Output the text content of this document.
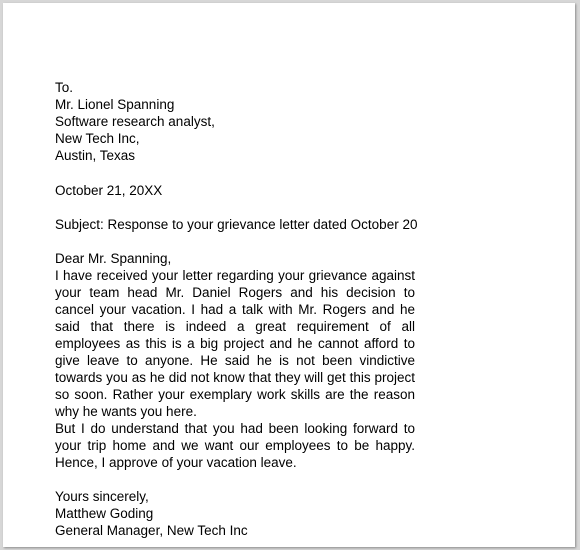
To.
Mr. Lionel Spanning
Software research analyst,
New Tech Inc,
Austin, Texas
October 21, 20XX
Subject: Response to your grievance letter dated October 20
Dear Mr. Spanning,

I have received your letter regarding your grievance against your team head Mr. Daniel Rogers and his decision to cancel your vacation. I had a talk with Mr. Rogers and he said that there is indeed a great requirement of all employees as this is a big project and he cannot afford to give leave to anyone. He said he is not been vindictive towards you as he did not know that they will get this project so soon. Rather your exemplary work skills are the reason why he wants you here.

But I do understand that you had been looking forward to your trip home and we want our employees to be happy. Hence, I approve of your vacation leave.

Yours sincerely,
Matthew Goding
General Manager, New Tech Inc
